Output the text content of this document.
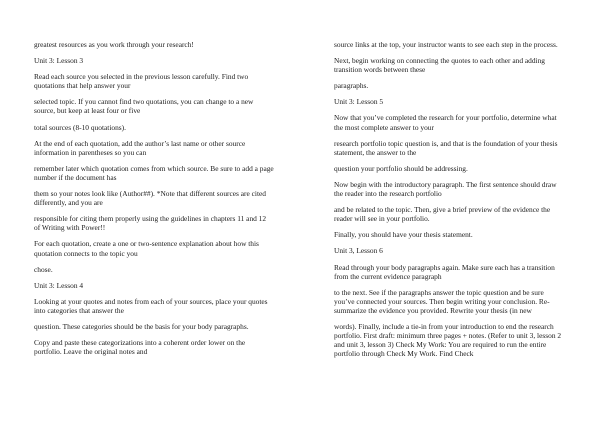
greatest resources as you work through your research!

Unit 3: Lesson 3

Read each source you selected in the previous lesson carefully. Find two quotations that help answer your

selected topic. If you cannot find two quotations, you can change to a new source, but keep at least four or five

total sources (8-10 quotations).

At the end of each quotation, add the author’s last name or other source information in parentheses so you can

remember later which quotation comes from which source. Be sure to add a page number if the document has

them so your notes look like (Author##). *Note that different sources are cited differently, and you are

responsible for citing them properly using the guidelines in chapters 11 and 12 of Writing with Power!!

For each quotation, create a one or two-sentence explanation about how this quotation connects to the topic you

chose.

Unit 3: Lesson 4

Looking at your quotes and notes from each of your sources, place your quotes into categories that answer the

question. These categories should be the basis for your body paragraphs.

Copy and paste these categorizations into a coherent order lower on the portfolio. Leave the original notes and

source links at the top, your instructor wants to see each step in the process.

Next, begin working on connecting the quotes to each other and adding transition words between these

paragraphs.

Unit 3: Lesson 5

Now that you’ve completed the research for your portfolio, determine what the most complete answer to your

research portfolio topic question is, and that is the foundation of your thesis statement, the answer to the

question your portfolio should be addressing.

Now begin with the introductory paragraph. The first sentence should draw the reader into the research portfolio

and be related to the topic. Then, give a brief preview of the evidence the reader will see in your portfolio.

Finally, you should have your thesis statement.

Unit 3, Lesson 6

Read through your body paragraphs again. Make sure each has a transition from the current evidence paragraph

to the next. See if the paragraphs answer the topic question and be sure you’ve connected your sources. Then begin writing your conclusion. Re-summarize the evidence you provided. Rewrite your thesis (in new

words). Finally, include a tie-in from your introduction to end the research portfolio. First draft: minimum three pages + notes. (Refer to unit 3, lesson 2 and unit 3, lesson 3) Check My Work: You are required to run the entire portfolio through Check My Work. Find Check
